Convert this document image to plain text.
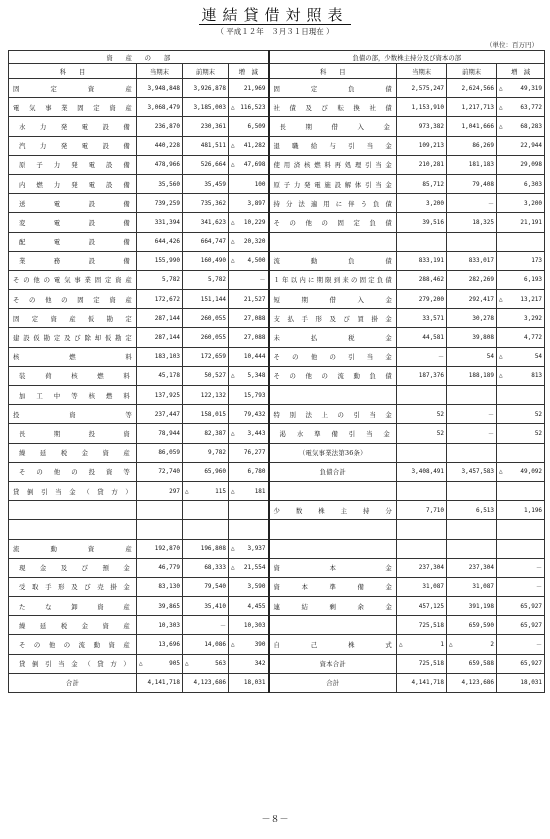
連結貸借対照表
（ 平成１２年　３月３１日現在 ）
（単位：百万円）
資　　産　　の　　部				負債の部，少数株主持分及び資本の部			
科　　目	当期末	前期末	増　減	科　　目	当期末	前期末	増　減
固定資産	3,948,848	3,926,878	21,969	固定負債	2,575,247	2,624,566	△ 49,319
電気事業固定資産	3,068,479	3,185,003	△ 116,523	社債及び転換社債	1,153,910	1,217,713	△ 63,772
水力発電設備	236,870	230,361	6,509	長期借入金	973,382	1,041,666	△ 68,283
汽力発電設備	440,228	481,511	△ 41,282	退職給与引当金	109,213	86,269	22,944
原子力発電設備	478,966	526,664	△ 47,698	使用済核燃料再処理引当金	210,281	181,183	29,098
内燃力発電設備	35,560	35,459	100	原子力発電施設解体引当金	85,712	79,408	6,303
送電設備	739,259	735,362	3,897	持分法適用に伴う負債	3,200	－	3,200
変電設備	331,394	341,623	△ 10,229	その他の固定負債	39,516	18,325	21,191
配電設備	644,426	664,747	△ 20,320				
業務設備	155,990	160,490	△ 4,500	流動負債	833,191	833,017	173
その他の電気事業固定資産	5,782	5,782	－	１年以内に期限到来の固定負債	288,462	282,269	6,193
その他の固定資産	172,672	151,144	21,527	短期借入金	279,200	292,417	△ 13,217
固定資産仮勘定	287,144	260,055	27,088	支払手形及び買掛金	33,571	30,278	3,292
建設仮勘定及び除却仮勘定	287,144	260,055	27,088	未払税金	44,581	39,808	4,772
核燃料	183,103	172,659	10,444	その他の引当金	－	54	△ 54
装荷核燃料	45,178	50,527	△ 5,348	その他の流動負債	187,376	188,189	△ 813
加工中等核燃料	137,925	122,132	15,793				
投資等	237,447	158,015	79,432	特別法上の引当金	52	－	52
長期投資	78,944	82,387	△ 3,443	渇水準備引当金	52	－	52
繰延税金資産	86,059	9,782	76,277	（電気事業法第36条）			
その他の投資等	72,740	65,960	6,780	負債合計	3,408,491	3,457,583	△ 49,092
貸倒引当金（貸方）	297	△ 115	△ 181				
				少数株主持分	7,710	6,513	1,196

流動資産	192,870	196,808	△ 3,937				
現金及び預金	46,779	68,333	△ 21,554	資本金	237,304	237,304	－
受取手形及び売掛金	83,130	79,540	3,590	資本準備金	31,087	31,087	－
たな卸資産	39,865	35,410	4,455	連結剰余金	457,125	391,198	65,927
繰延税金資産	10,303	－	10,303		725,518	659,590	65,927
その他の流動資産	13,696	14,086	△ 390	自己株式	△ 1	△ 2	－
貸倒引当金（貸方）	△ 905	△ 563	342	資本合計	725,518	659,588	65,927
合計	4,141,718	4,123,686	18,031	合計	4,141,718	4,123,686	18,031
－８－
